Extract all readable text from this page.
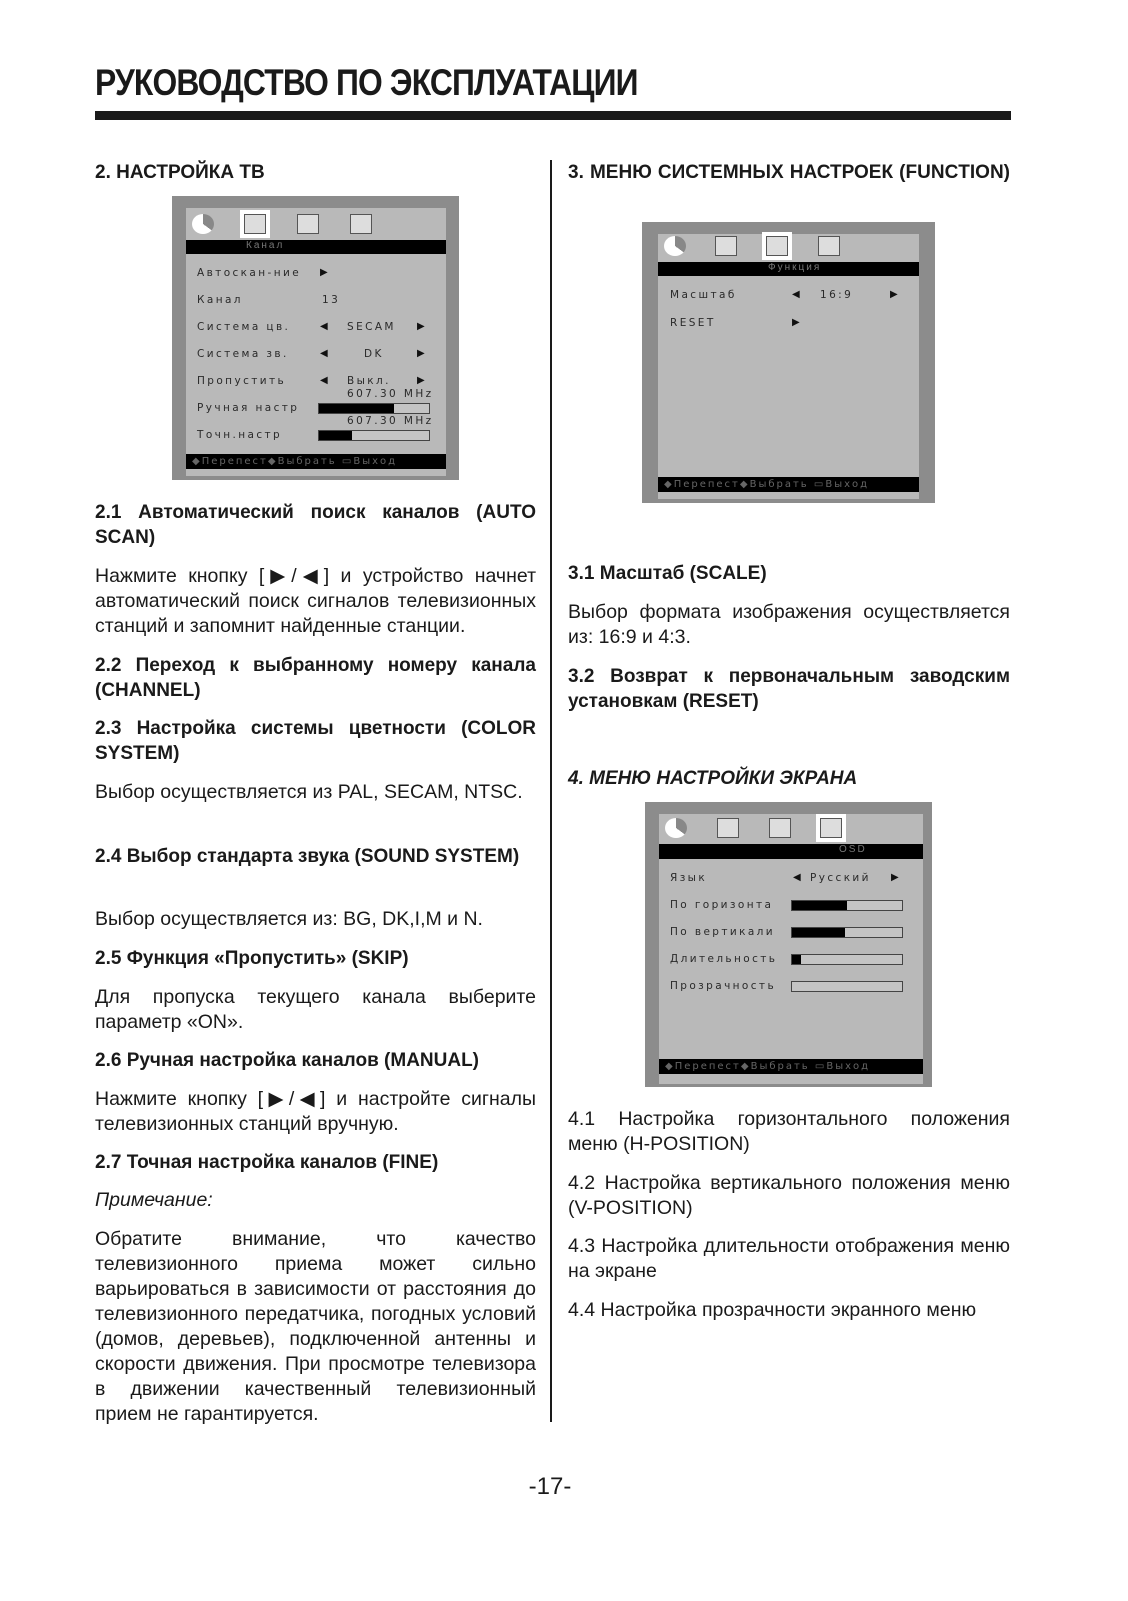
РУКОВОДСТВО ПО ЭКСПЛУАТАЦИИ
2. НАСТРОЙКА ТВ
Канал
Автоскан-ние ▶
Канал	13
Система цв.	◀ SECAM ▶
Система зв.	◀	DK	▶
Пропустить	◀ Выкл.	▶
607.30 MHz
Ручная настр
607.30 MHz
Точн.настр
◆Перепест◆Выбрать ▭Выход
2.1 Автоматический поиск каналов (AUTO SCAN)
Нажмите кнопку [▶/◀] и устройство начнет автоматический поиск сигналов телевизионных станций и запомнит найденные станции.
2.2 Переход к выбранному номеру канала (CHANNEL)
2.3 Настройка системы цветности (COLOR SYSTEM)
Выбор осуществляется из PAL, SECAM, NTSC.
2.4 Выбор стандарта звука (SOUND SYSTEM)
Выбор осуществляется из: BG, DK,I,M и N.
2.5 Функция «Пропустить» (SKIP)
Для пропуска текущего канала выберите параметр «ON».
2.6 Ручная настройка каналов (MANUAL)
Нажмите кнопку [▶/◀] и настройте сигналы телевизионных станций вручную.
2.7 Точная настройка каналов (FINE)
Примечание:
Обратите внимание, что качество телевизионного приема может сильно варьироваться в зависимости от расстояния до телевизионного передатчика, погодных условий (домов, деревьев), подключенной антенны и скорости движения. При просмотре телевизора в движении качественный телевизионный прием не гарантируется.
3. МЕНЮ СИСТЕМНЫХ НАСТРОЕК (FUNCTION)
Функция
Масштаб	◀ 16:9	▶
RESET	▶
◆Перепест◆Выбрать ▭Выход
3.1 Масштаб (SCALE)
Выбор формата изображения осуществляется из: 16:9 и 4:3.
3.2 Возврат к первоначальным заводским установкам (RESET)
4. МЕНЮ НАСТРОЙКИ ЭКРАНА
OSD
Язык	◀ Русский ▶
По горизонта
По вертикали
Длительность
Прозрачность
◆Перепест◆Выбрать ▭Выход
4.1 Настройка горизонтального положения меню (H-POSITION)
4.2 Настройка вертикального положения меню (V-POSITION)
4.3 Настройка длительности отображения меню на экране
4.4 Настройка прозрачности экранного меню
-17-
